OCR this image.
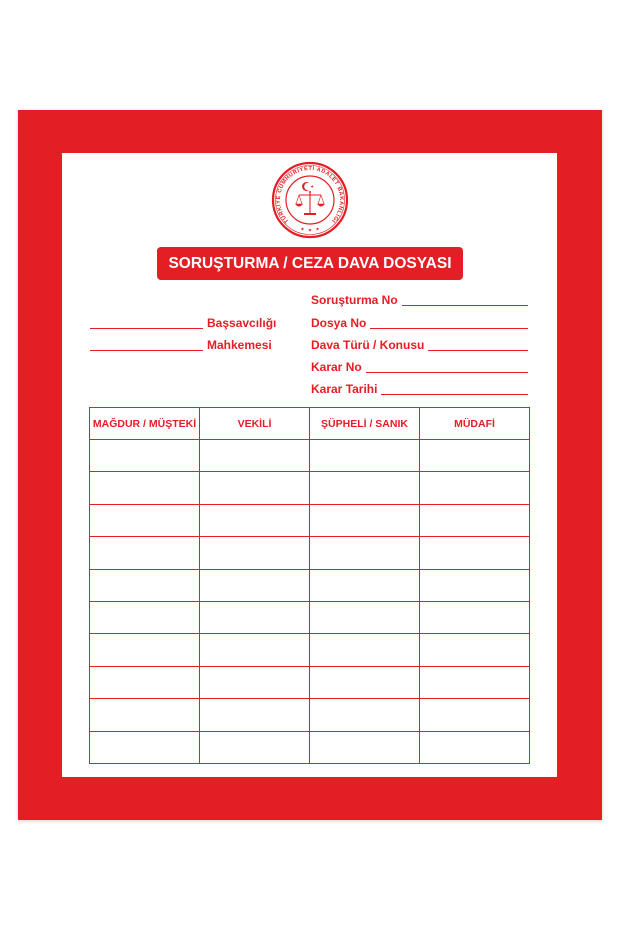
TÜRKİYE CUMHURİYETİ ADALET BAKANLIĞI
SORUŞTURMA / CEZA DAVA DOSYASI
Soruşturma No
Dosya No
Dava Türü / Konusu
Karar No
Karar Tarihi
Başsavcılığı
Mahkemesi
MAĞDUR / MÜŞTEKİ	VEKİLİ	ŞÜPHELİ / SANIK	MÜDAFİ
